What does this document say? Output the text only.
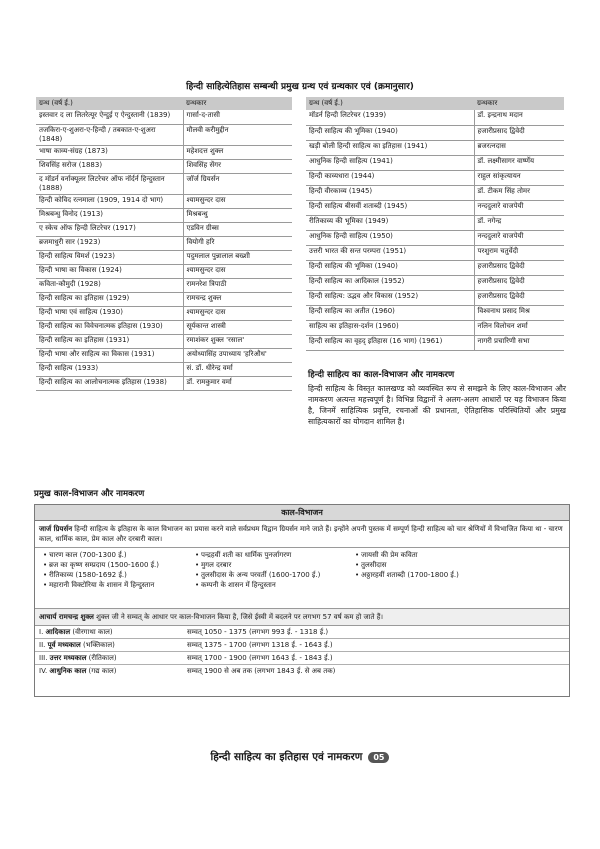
हिन्दी साहित्येतिहास सम्बन्धी प्रमुख ग्रन्थ एवं ग्रन्थकार एवं (क्रमानुसार)
ग्रन्थ (वर्ष ई.)	ग्रन्थकार
इस्तवार द ला लितरेत्यूर ऐन्दुई ए ऐन्दुस्तानी (1839)	गार्सा-द-तासी
तजकिरा-ए-शुअरा-ए-हिन्दी / तबकात-ए-शुअरा (1848)	मौलवी करीमुद्दीन
भाषा काव्य-संग्रह (1873)	महेशदत्त शुक्ल
शिवसिंह सरोज (1883)	शिवसिंह सेंगर
द मॉडर्न वर्नाक्यूलर लिटरेचर ऑफ नॉर्दर्न हिन्दुस्तान (1888)	जॉर्ज ग्रियर्सन
हिन्दी कोविद रत्नमाला (1909, 1914 दो भाग)	श्यामसुन्दर दास
मिश्रबन्धु विनोद (1913)	मिश्रबन्धु
ए स्केच ऑफ हिन्दी लिटरेचर (1917)	एडविन ग्रीब्स
ब्रजमाधुरी सार (1923)	वियोगी हरि
हिन्दी साहित्य विमर्श (1923)	पदुमलाल पुन्नालाल बख्शी
हिन्दी भाषा का विकास (1924)	श्यामसुन्दर दास
कविता-कौमुदी (1928)	रामनरेश त्रिपाठी
हिन्दी साहित्य का इतिहास (1929)	रामचन्द्र शुक्ल
हिन्दी भाषा एवं साहित्य (1930)	श्यामसुन्दर दास
हिन्दी साहित्य का विवेचनात्मक इतिहास (1930)	सूर्यकान्त शास्त्री
हिन्दी साहित्य का इतिहास (1931)	रमाशंकर शुक्ल 'रसाल'
हिन्दी भाषा और साहित्य का विकास (1931)	अयोध्यासिंह उपाध्याय 'हरिऔध'
हिन्दी साहित्य (1933)	सं. डॉ. धीरेन्द्र वर्मा
हिन्दी साहित्य का आलोचनात्मक इतिहास (1938)	डॉ. रामकुमार वर्मा
ग्रन्थ (वर्ष ई.)	ग्रन्थकार
मॉडर्न हिन्दी लिटरेचर (1939)	डॉ. इन्द्रनाथ मदान
हिन्दी साहित्य की भूमिका (1940)	हजारीप्रसाद द्विवेदी
खड़ी बोली हिन्दी साहित्य का इतिहास (1941)	ब्रजरत्नदास
आधुनिक हिन्दी साहित्य (1941)	डॉ. लक्ष्मीसागर वार्ष्णेय
हिन्दी काव्यधारा (1944)	राहुल सांकृत्यायन
हिन्दी वीरकाव्य (1945)	डॉ. टीकम सिंह तोमर
हिन्दी साहित्य बीसवीं शताब्दी (1945)	नन्ददुलारे वाजपेयी
रीतिकाव्य की भूमिका (1949)	डॉ. नगेन्द्र
आधुनिक हिन्दी साहित्य (1950)	नन्ददुलारे वाजपेयी
उत्तरी भारत की सन्त परम्परा (1951)	परशुराम चतुर्वेदी
हिन्दी साहित्य की भूमिका (1940)	हजारीप्रसाद द्विवेदी
हिन्दी साहित्य का आदिकाल (1952)	हजारीप्रसाद द्विवेदी
हिन्दी साहित्य: उद्भव और विकास (1952)	हजारीप्रसाद द्विवेदी
हिन्दी साहित्य का अतीत (1960)	विश्वनाथ प्रसाद मिश्र
साहित्य का इतिहास-दर्शन (1960)	नलिन विलोचन शर्मा
हिन्दी साहित्य का वृहद् इतिहास (16 भाग) (1961)	नागरी प्रचारिणी सभा
हिन्दी साहित्य का काल-विभाजन और नामकरण
हिन्दी साहित्य के विस्तृत कालखण्ड को व्यवस्थित रूप से समझने के लिए काल-विभाजन और नामकरण अत्यन्त महत्त्वपूर्ण है। विभिन्न विद्वानों ने अलग-अलग आधारों पर यह विभाजन किया है, जिनमें साहित्यिक प्रवृत्ति, रचनाओं की प्रधानता, ऐतिहासिक परिस्थितियों और प्रमुख साहित्यकारों का योगदान शामिल है।
प्रमुख काल-विभाजन और नामकरण
काल-विभाजन
जार्ज ग्रियर्सन हिन्दी साहित्य के इतिहास के काल विभाजन का प्रयास करने वाले सर्वप्रथम विद्वान ग्रियर्सन माने जाते हैं। इन्होंने अपनी पुस्तक में सम्पूर्ण हिन्दी साहित्य को चार श्रेणियों में विभाजित किया था - चारण काल, धार्मिक काल, प्रेम काल और दरबारी काल।
• चारण काल (700-1300 ई.)
• ब्रज का कृष्ण सम्प्रदाय (1500-1600 ई.)
• रीतिकाव्य (1580-1692 ई.)
• महारानी विक्टोरिया के शासन में हिन्दुस्तान
• पन्द्रहवीं शती का धार्मिक पुनर्जागरण
• मुगल दरबार
• तुलसीदास के अन्य परवर्ती (1600-1700 ई.)
• कम्पनी के शासन में हिन्दुस्तान
• जायसी की प्रेम कविता
• तुलसीदास
• अठ्ठारहवीं शताब्दी (1700-1800 ई.)
आचार्य रामचन्द्र शुक्ल शुक्ल जी ने सम्वत् के आधार पर काल-विभाजन किया है, जिसे ईस्वी में बदलने पर लगभग 57 वर्ष कम हो जाते हैं।
I. आदिकाल (वीरगाथा काल)	सम्वत् 1050 - 1375 (लगभग 993 ई. - 1318 ई.)
II. पूर्व मध्यकाल (भक्तिकाल)	सम्वत् 1375 - 1700 (लगभग 1318 ई. - 1643 ई.)
III. उत्तर मध्यकाल (रीतिकाल)	सम्वत् 1700 - 1900 (लगभग 1643 ई. - 1843 ई.)
IV. आधुनिक काल (गद्य काल)	सम्वत् 1900 से अब तक (लगभग 1843 ई. से अब तक)
हिन्दी साहित्य का इतिहास एवं नामकरण 05
